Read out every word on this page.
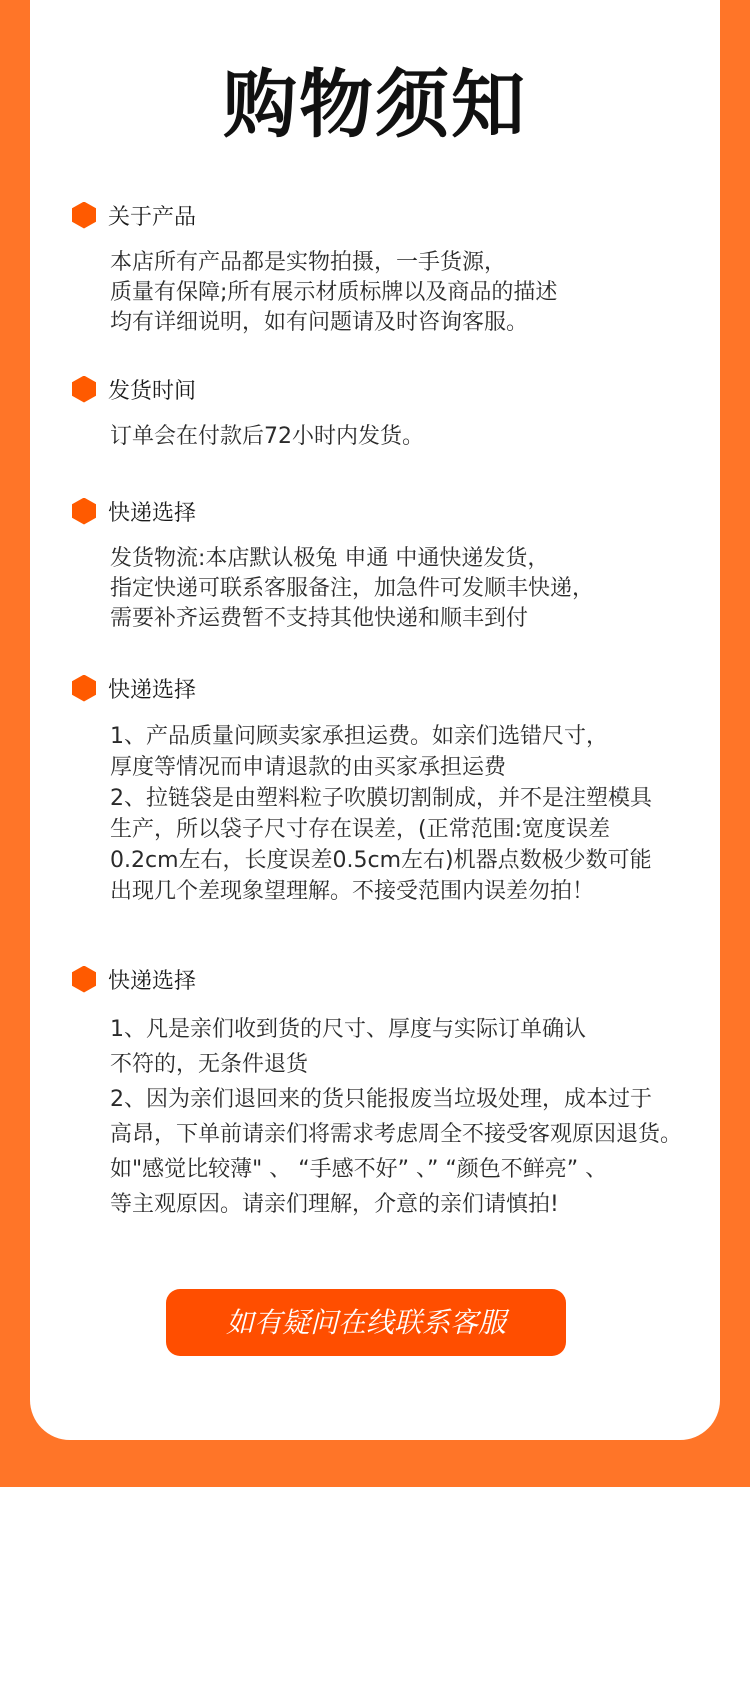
购物须知
关于产品
本店所有产品都是实物拍摄，一手货源，
质量有保障;所有展示材质标牌以及商品的描述
均有详细说明，如有问题请及时咨询客服。
发货时间
订单会在付款后72小时内发货。
快递选择
发货物流:本店默认极兔 申通 中通快递发货，
指定快递可联系客服备注，加急件可发顺丰快递，
需要补齐运费暂不支持其他快递和顺丰到付
快递选择
1、产品质量问顾卖家承担运费。如亲们选错尺寸，
厚度等情况而申请退款的由买家承担运费
2、拉链袋是由塑料粒子吹膜切割制成，并不是注塑模具
生产，所以袋子尺寸存在误差，(正常范围:宽度误差
0.2cm左右，长度误差0.5cm左右)机器点数极少数可能
出现几个差现象望理解。不接受范围内误差勿拍！
快递选择
1、凡是亲们收到货的尺寸、厚度与实际订单确认
不符的，无条件退货
2、因为亲们退回来的货只能报废当垃圾处理，成本过于
高昂，下单前请亲们将需求考虑周全不接受客观原因退货。
如"感觉比较薄" 、 “手感不好” 、” “颜色不鲜亮” 、
等主观原因。请亲们理解，介意的亲们请慎拍!
如有疑问在线联系客服
